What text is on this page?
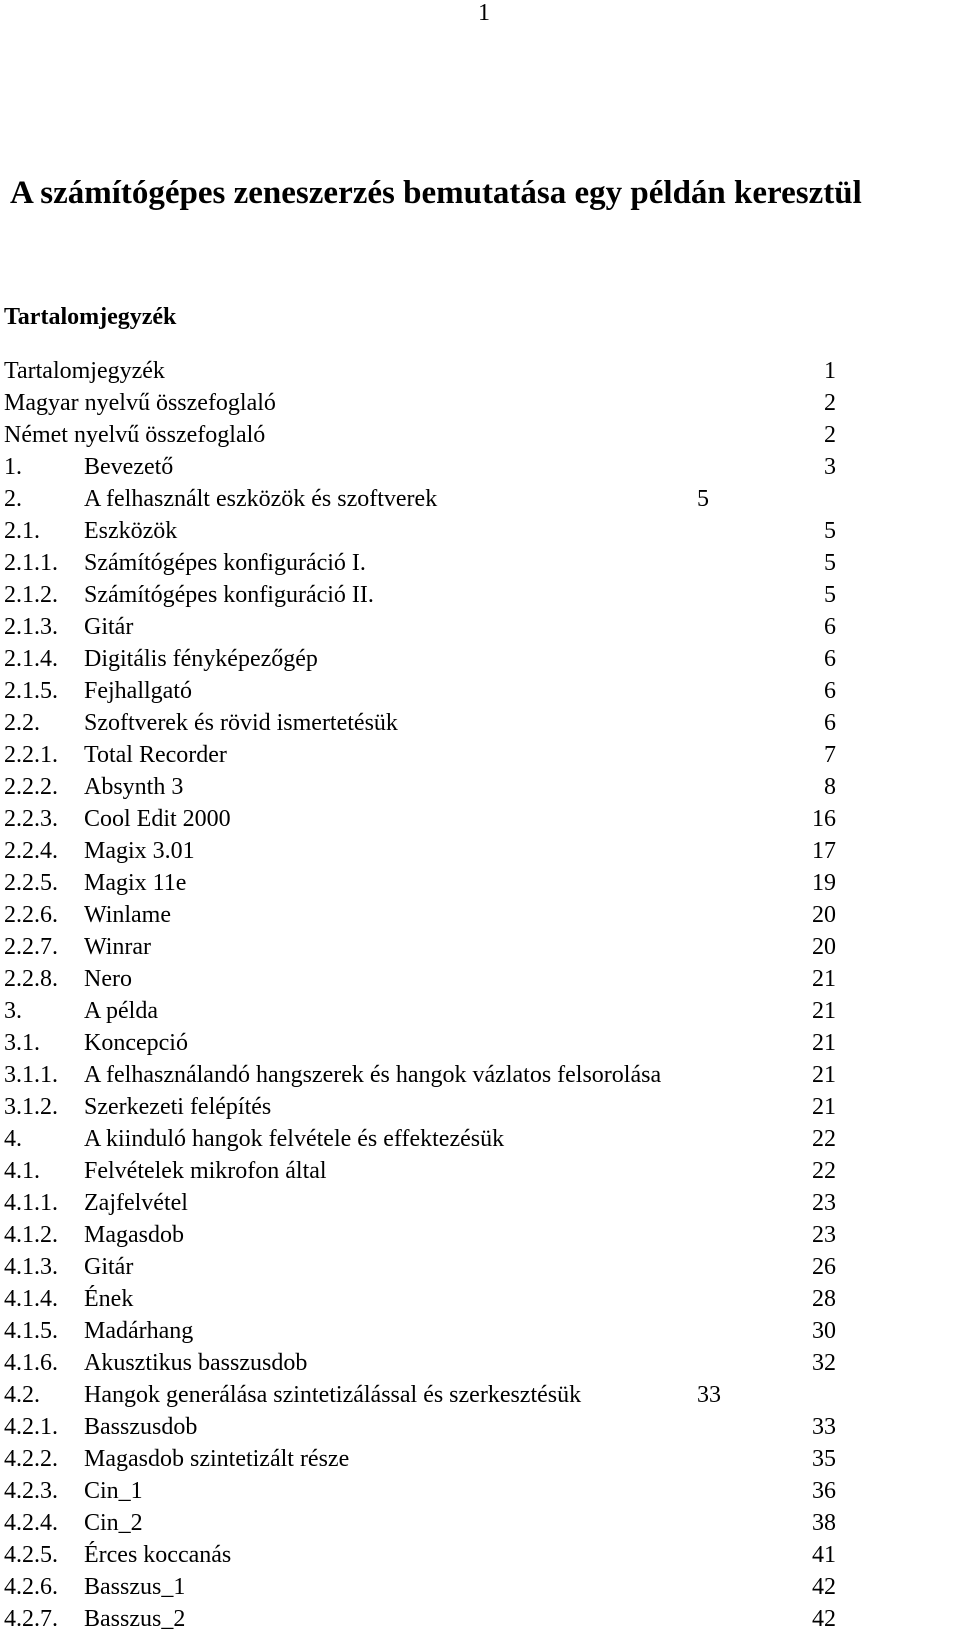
1
A számítógépes zeneszerzés bemutatása egy példán keresztül
Tartalomjegyzék
Tartalomjegyzék	1
Magyar nyelvű összefoglaló	2
Német nyelvű összefoglaló	2
1.	Bevezető	3
2.	A felhasznált eszközök és szoftverek	5
2.1. Eszközök	5
2.1.1. Számítógépes konfiguráció I.	5
2.1.2. Számítógépes konfiguráció II.	5
2.1.3. Gitár	6
2.1.4. Digitális fényképezőgép	6
2.1.5. Fejhallgató	6
2.2. Szoftverek és rövid ismertetésük	6
2.2.1. Total Recorder	7
2.2.2. Absynth 3	8
2.2.3. Cool Edit 2000	16
2.2.4. Magix 3.01	17
2.2.5. Magix 11e	19
2.2.6. Winlame	20
2.2.7. Winrar	20
2.2.8. Nero	21
3.	A példa	21
3.1. Koncepció	21
3.1.1. A felhasználandó hangszerek és hangok vázlatos felsorolása	21
3.1.2. Szerkezeti felépítés	21
4.	A kiinduló hangok felvétele és effektezésük	22
4.1. Felvételek mikrofon által	22
4.1.1. Zajfelvétel	23
4.1.2. Magasdob	23
4.1.3. Gitár	26
4.1.4. Ének	28
4.1.5. Madárhang	30
4.1.6. Akusztikus basszusdob	32
4.2. Hangok generálása szintetizálással és szerkesztésük	33
4.2.1. Basszusdob	33
4.2.2. Magasdob szintetizált része	35
4.2.3. Cin_1	36
4.2.4. Cin_2	38
4.2.5. Érces koccanás	41
4.2.6. Basszus_1	42
4.2.7. Basszus_2	42
